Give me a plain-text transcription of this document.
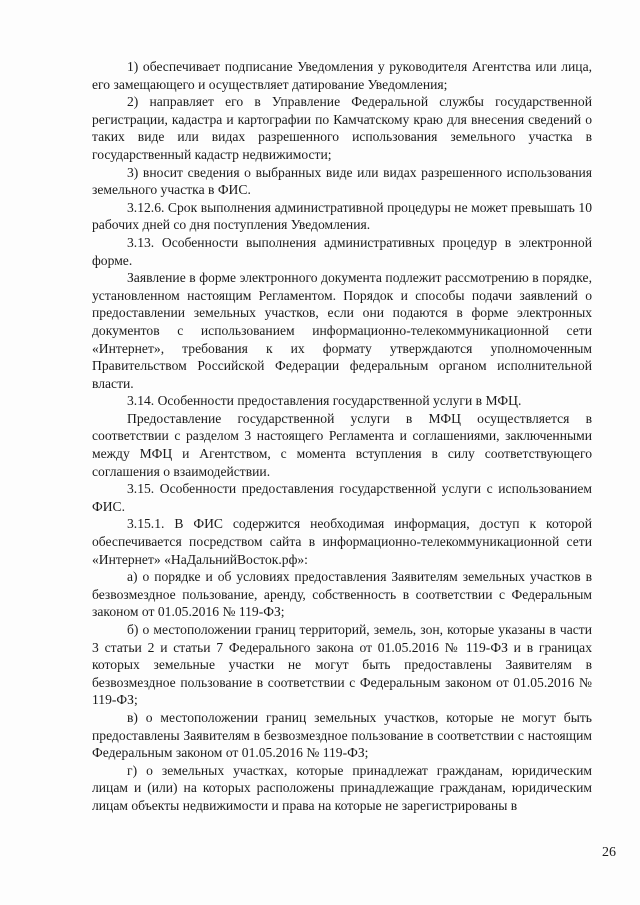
1) обеспечивает подписание Уведомления у руководителя Агентства или лица, его замещающего и осуществляет датирование Уведомления;

2) направляет его в Управление Федеральной службы государственной регистрации, кадастра и картографии по Камчатскому краю для внесения сведений о таких виде или видах разрешенного использования земельного участка в государственный кадастр недвижимости;

3) вносит сведения о выбранных виде или видах разрешенного использования земельного участка в ФИС.

3.12.6. Срок выполнения административной процедуры не может превышать 10 рабочих дней со дня поступления Уведомления.

3.13. Особенности выполнения административных процедур в электронной форме.

Заявление в форме электронного документа подлежит рассмотрению в порядке, установленном настоящим Регламентом. Порядок и способы подачи заявлений о предоставлении земельных участков, если они подаются в форме электронных документов с использованием информационно-телекоммуникационной сети «Интернет», требования к их формату утверждаются уполномоченным Правительством Российской Федерации федеральным органом исполнительной власти.

3.14. Особенности предоставления государственной услуги в МФЦ.

Предоставление государственной услуги в МФЦ осуществляется в соответствии с разделом 3 настоящего Регламента и соглашениями, заключенными между МФЦ и Агентством, с момента вступления в силу соответствующего соглашения о взаимодействии.

3.15. Особенности предоставления государственной услуги с использованием ФИС.

3.15.1. В ФИС содержится необходимая информация, доступ к которой обеспечивается посредством сайта в информационно-телекоммуникационной сети «Интернет» «НаДальнийВосток.рф»:

а) о порядке и об условиях предоставления Заявителям земельных участков в безвозмездное пользование, аренду, собственность в соответствии с Федеральным законом от 01.05.2016 № 119-ФЗ;

б) о местоположении границ территорий, земель, зон, которые указаны в части 3 статьи 2 и статьи 7 Федерального закона от 01.05.2016 № 119-ФЗ и в границах которых земельные участки не могут быть предоставлены Заявителям в безвозмездное пользование в соответствии с Федеральным законом от 01.05.2016 № 119-ФЗ;

в) о местоположении границ земельных участков, которые не могут быть предоставлены Заявителям в безвозмездное пользование в соответствии с настоящим Федеральным законом от 01.05.2016 № 119-ФЗ;

г) о земельных участках, которые принадлежат гражданам, юридическим лицам и (или) на которых расположены принадлежащие гражданам, юридическим лицам объекты недвижимости и права на которые не зарегистрированы в

26
